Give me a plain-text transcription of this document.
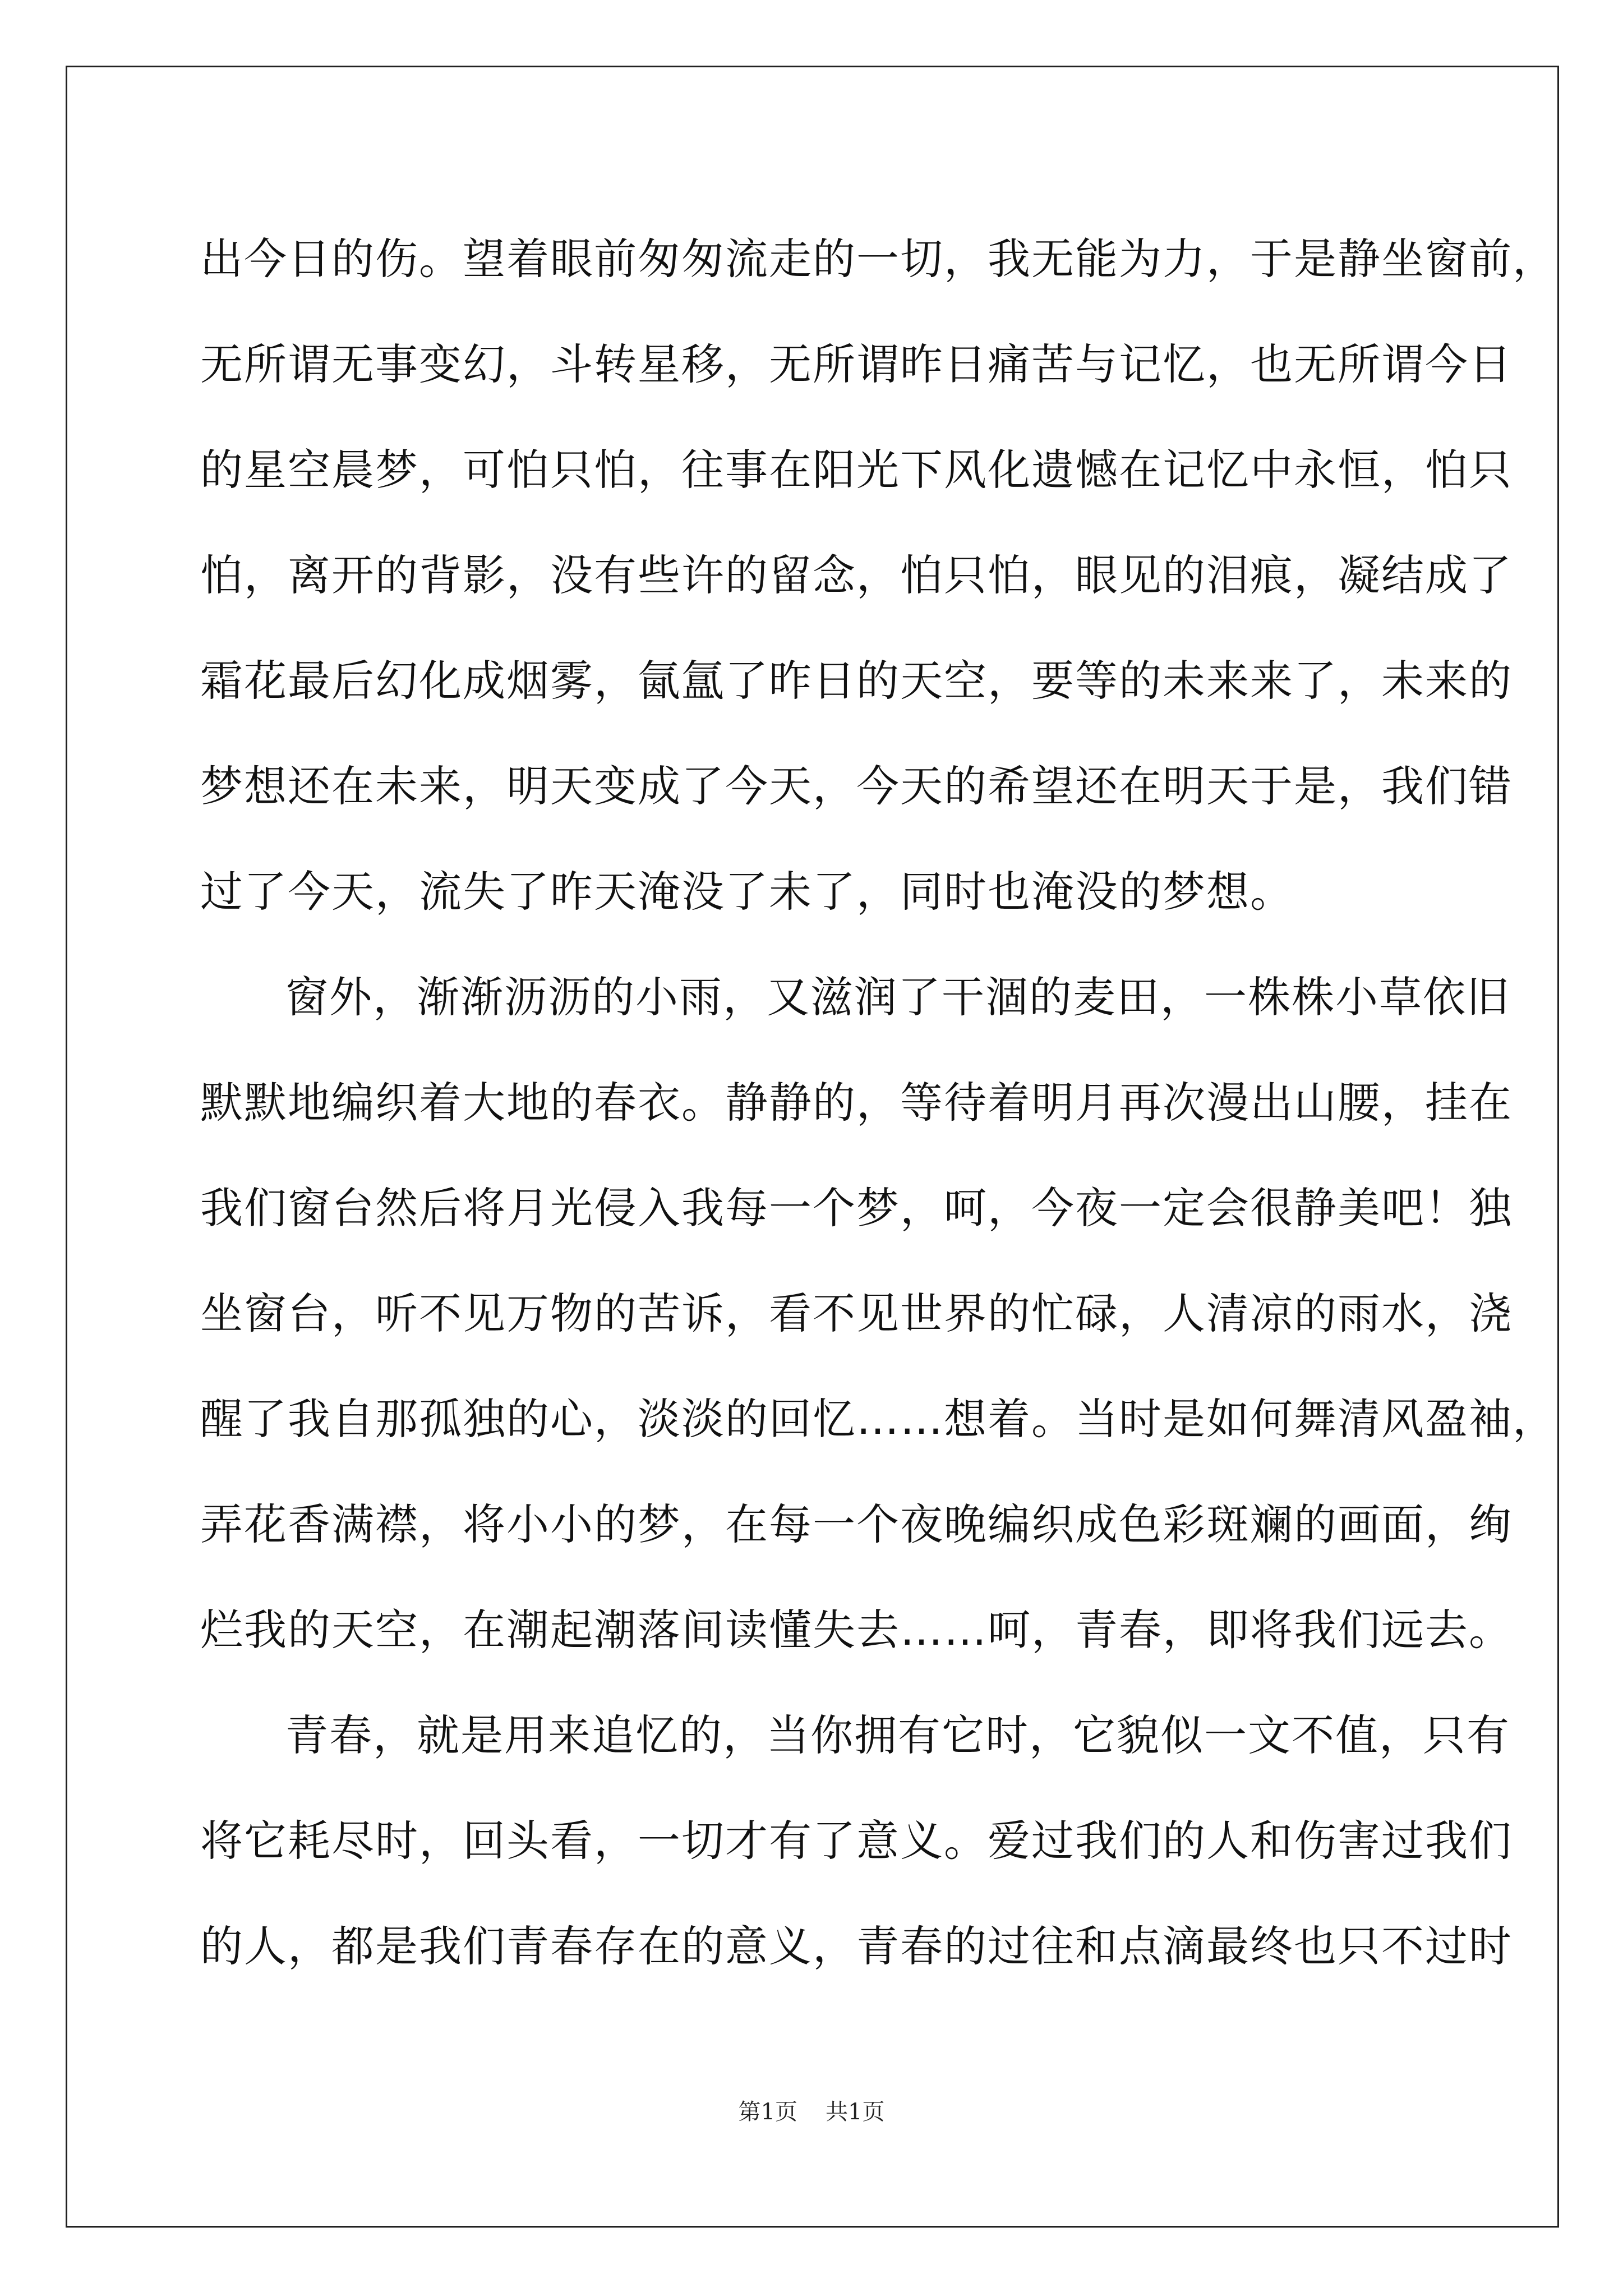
出今日的伤。望着眼前匆匆流走的一切，我无能为力，于是静坐窗前，
无所谓无事变幻，斗转星移，无所谓昨日痛苦与记忆，也无所谓今日
的星空晨梦，可怕只怕，往事在阳光下风化遗憾在记忆中永恒，怕只
怕，离开的背影，没有些许的留念，怕只怕，眼见的泪痕，凝结成了
霜花最后幻化成烟雾，氤氲了昨日的天空，要等的未来来了，未来的
梦想还在未来，明天变成了今天，今天的希望还在明天于是，我们错
过了今天，流失了昨天淹没了未了，同时也淹没的梦想。
窗外，渐渐沥沥的小雨，又滋润了干涸的麦田，一株株小草依旧
默默地编织着大地的春衣。静静的，等待着明月再次漫出山腰，挂在
我们窗台然后将月光侵入我每一个梦，呵，今夜一定会很静美吧！独
坐窗台，听不见万物的苦诉，看不见世界的忙碌，人清凉的雨水，浇
醒了我自那孤独的心，淡淡的回忆……想着。当时是如何舞清风盈袖，
弄花香满襟，将小小的梦，在每一个夜晚编织成色彩斑斓的画面，绚
烂我的天空，在潮起潮落间读懂失去……呵，青春，即将我们远去。
青春，就是用来追忆的，当你拥有它时，它貌似一文不值，只有
将它耗尽时，回头看，一切才有了意义。爱过我们的人和伤害过我们
的人，都是我们青春存在的意义，青春的过往和点滴最终也只不过时
第1页 共1页
